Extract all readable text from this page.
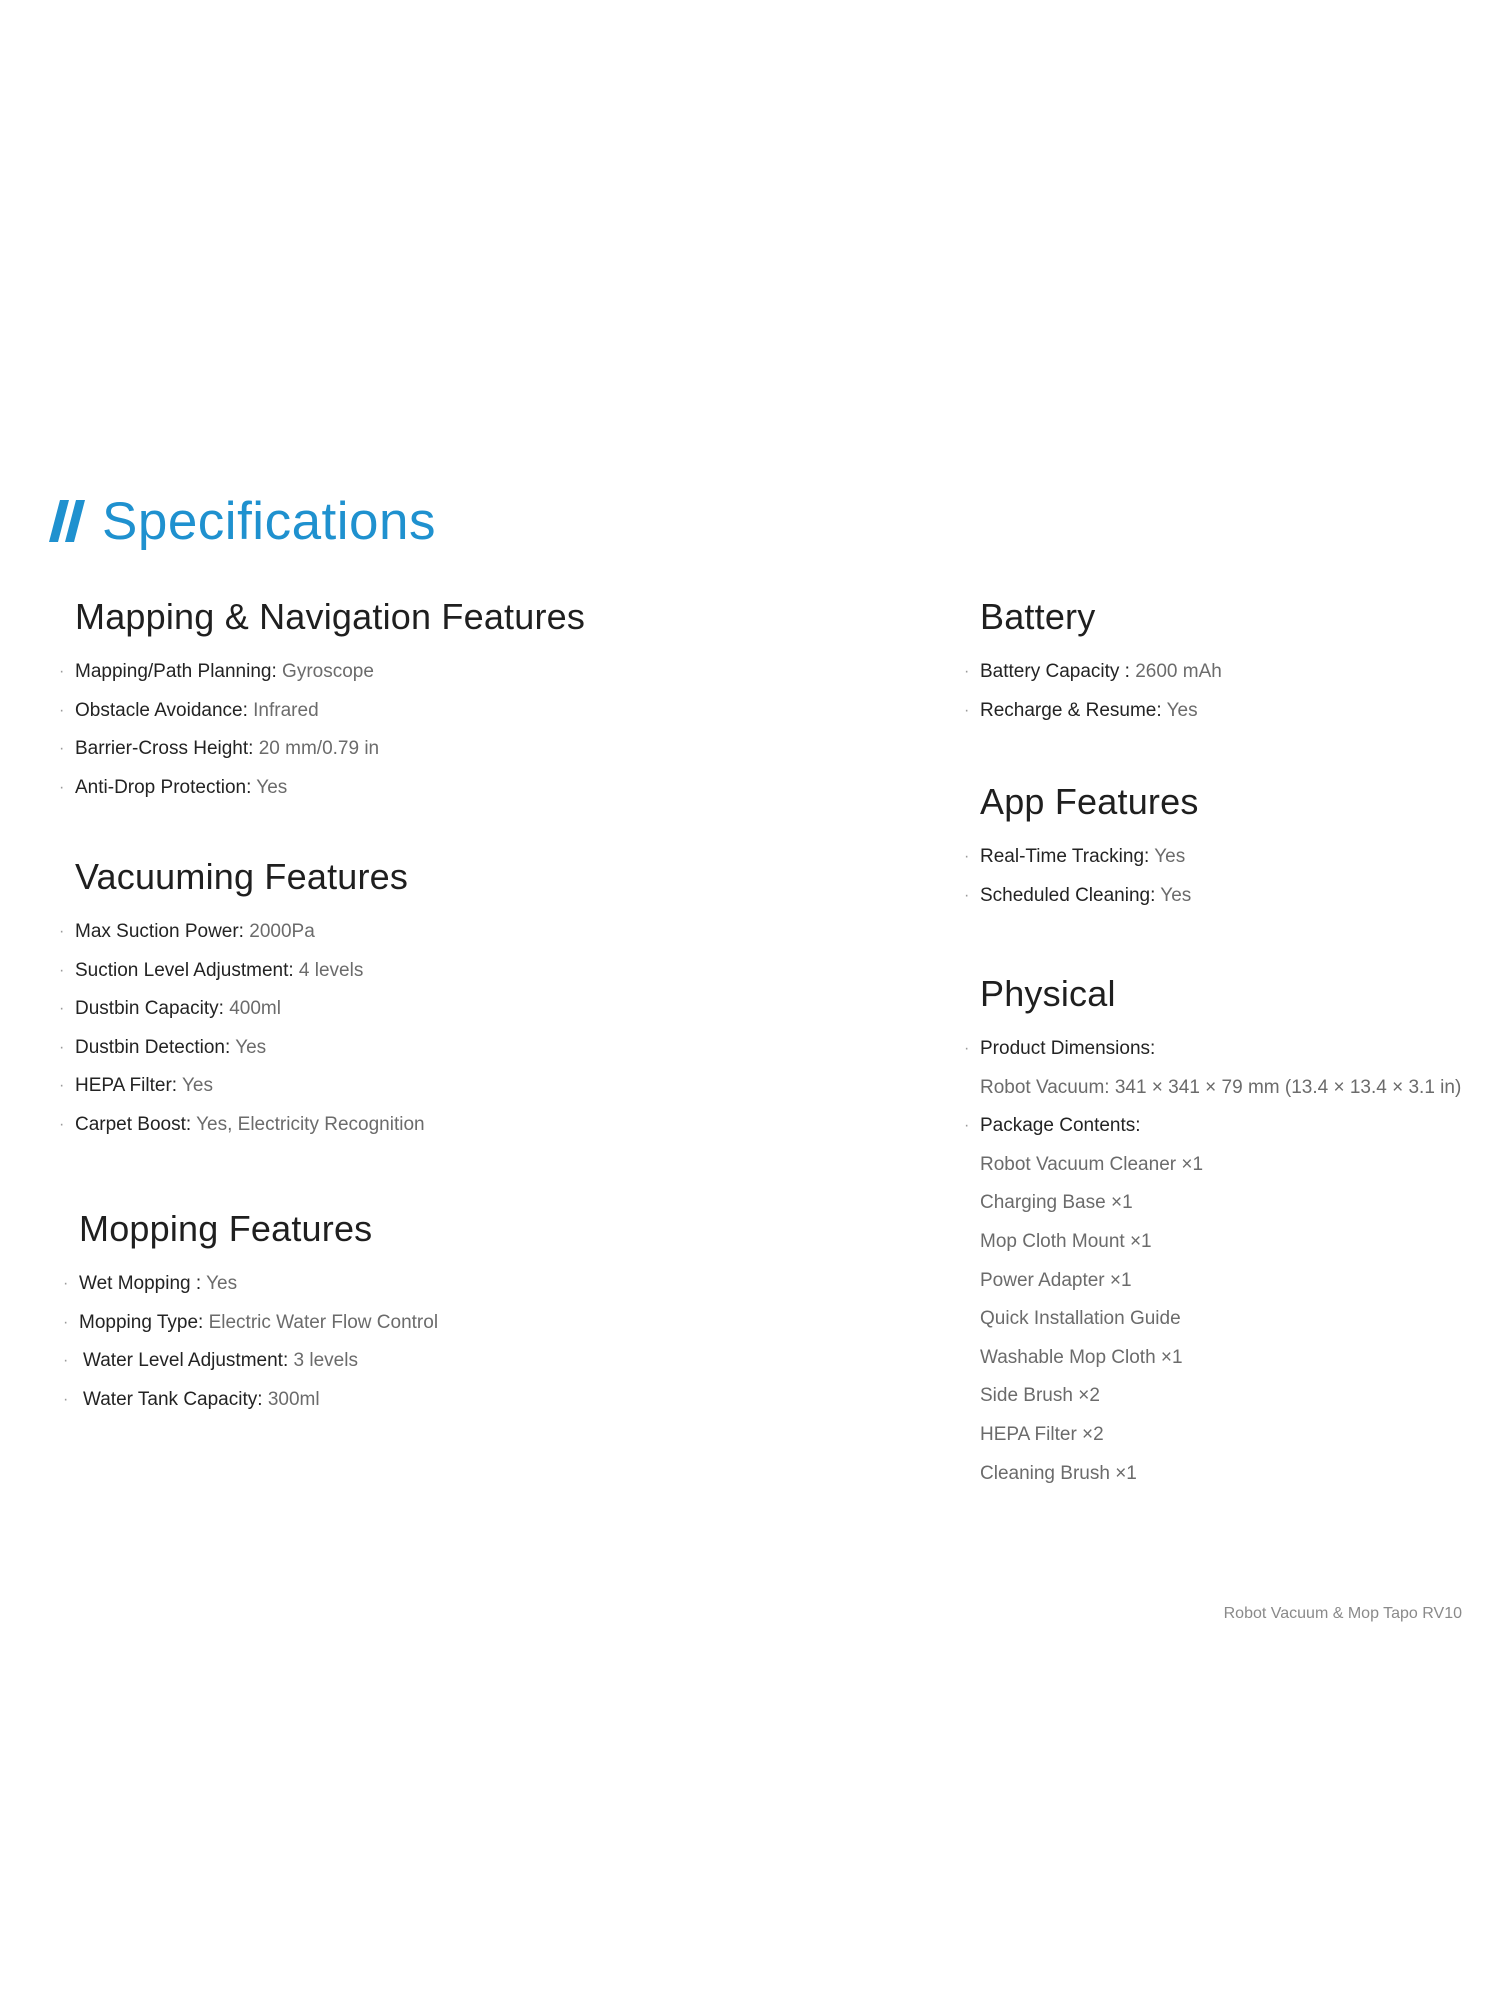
Specifications
Mapping & Navigation Features
· Mapping/Path Planning: Gyroscope
· Obstacle Avoidance: Infrared
· Barrier-Cross Height: 20 mm/0.79 in
· Anti-Drop Protection: Yes
Vacuuming Features
· Max Suction Power: 2000Pa
· Suction Level Adjustment: 4 levels
· Dustbin Capacity: 400ml
· Dustbin Detection: Yes
· HEPA Filter: Yes
· Carpet Boost: Yes, Electricity Recognition
Mopping Features
· Wet Mopping : Yes
· Mopping Type: Electric Water Flow Control
· Water Level Adjustment: 3 levels
· Water Tank Capacity: 300ml
Battery
· Battery Capacity : 2600 mAh
· Recharge & Resume: Yes
App Features
· Real-Time Tracking: Yes
· Scheduled Cleaning: Yes
Physical
· Product Dimensions:
Robot Vacuum: 341 × 341 × 79 mm (13.4 × 13.4 × 3.1 in)
· Package Contents:
Robot Vacuum Cleaner ×1
Charging Base ×1
Mop Cloth Mount ×1
Power Adapter ×1
Quick Installation Guide
Washable Mop Cloth ×1
Side Brush ×2
HEPA Filter ×2
Cleaning Brush ×1
Robot Vacuum & Mop Tapo RV10
